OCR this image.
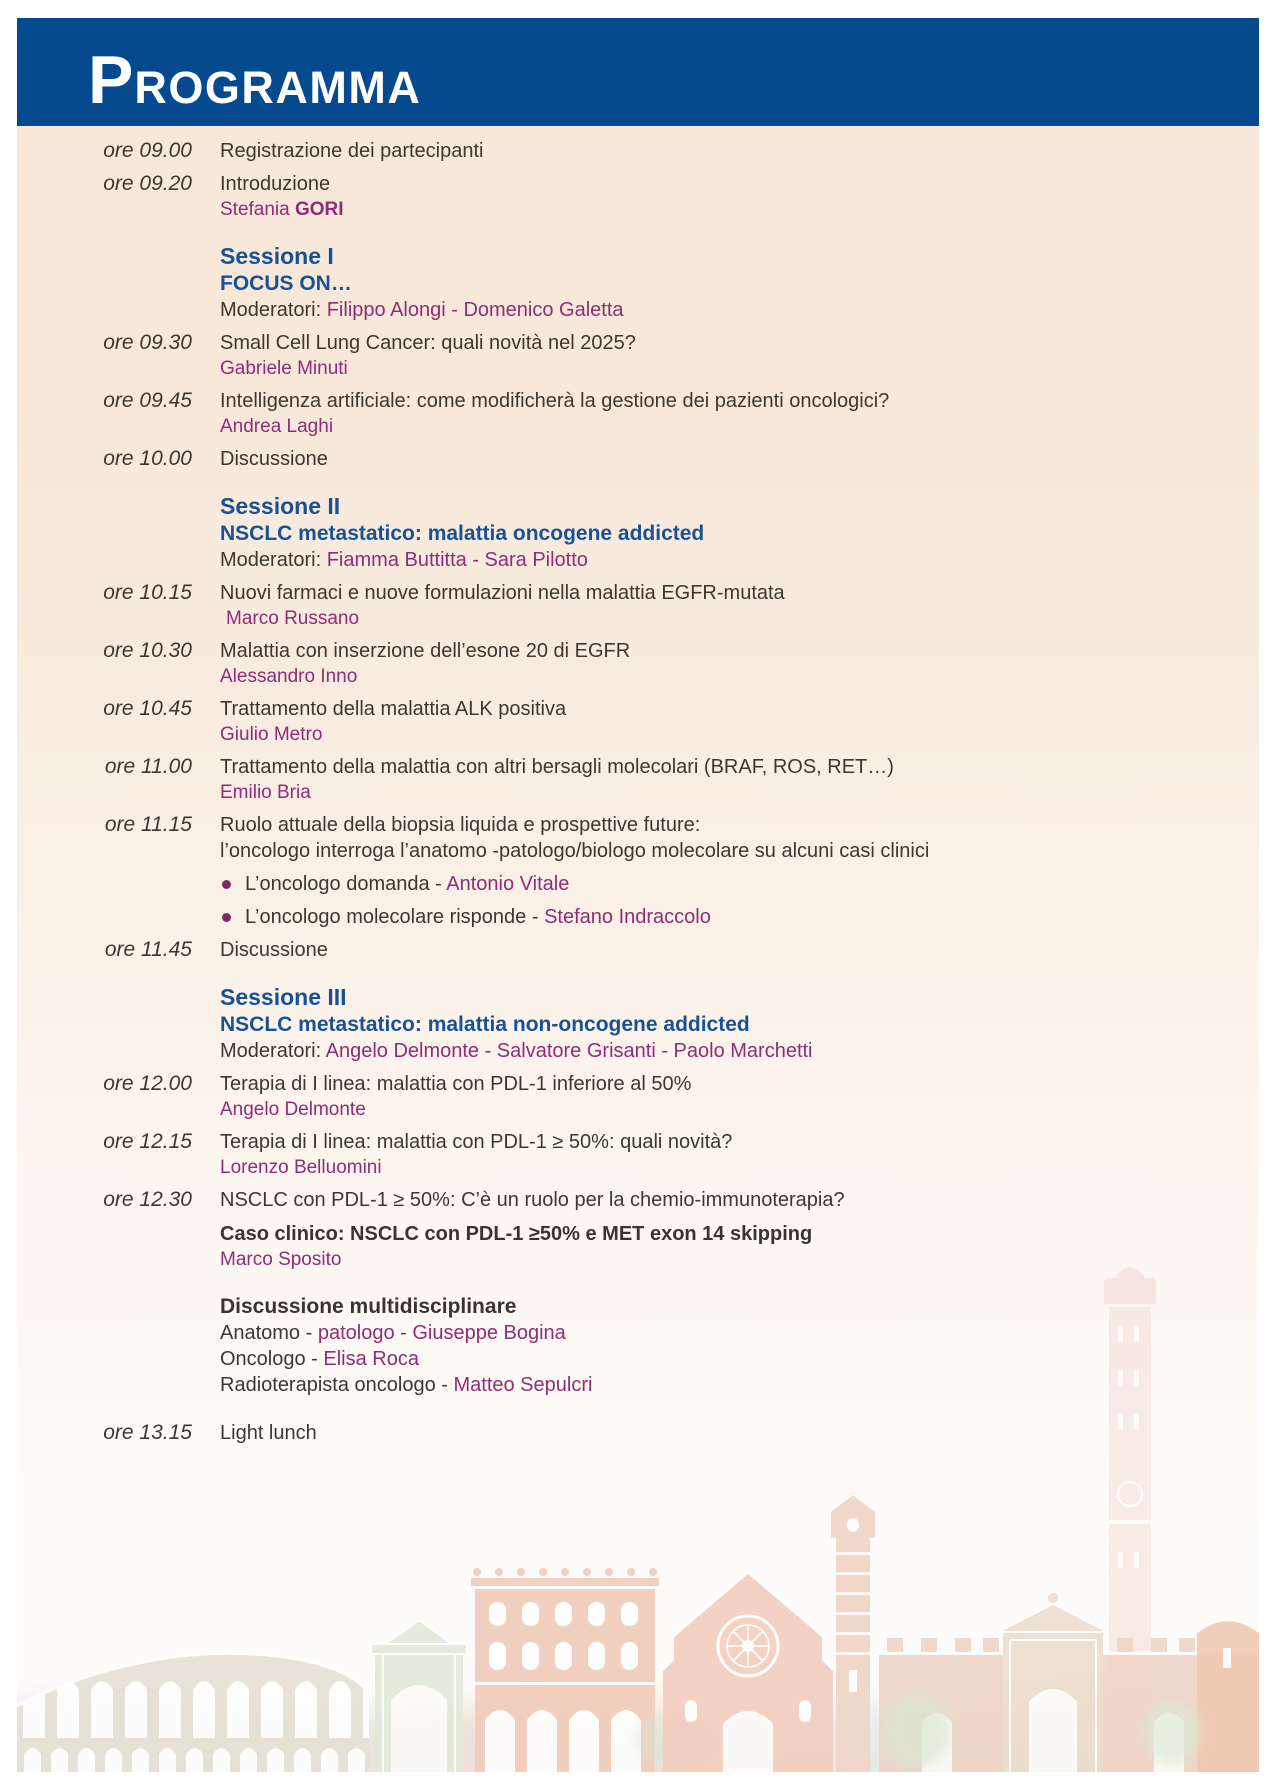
PROGRAMMA
ore 09.00 Registrazione dei partecipanti
ore 09.20 Introduzione
Stefania GORI
Sessione I
FOCUS ON…
Moderatori: Filippo Alongi - Domenico Galetta
ore 09.30 Small Cell Lung Cancer: quali novità nel 2025?
Gabriele Minuti
ore 09.45 Intelligenza artificiale: come modificherà la gestione dei pazienti oncologici?
Andrea Laghi
ore 10.00 Discussione
Sessione II
NSCLC metastatico: malattia oncogene addicted
Moderatori: Fiamma Buttitta - Sara Pilotto
ore 10.15 Nuovi farmaci e nuove formulazioni nella malattia EGFR-mutata
Marco Russano
ore 10.30 Malattia con inserzione dell’esone 20 di EGFR
Alessandro Inno
ore 10.45 Trattamento della malattia ALK positiva
Giulio Metro
ore 11.00 Trattamento della malattia con altri bersagli molecolari (BRAF, ROS, RET…)
Emilio Bria
ore 11.15 Ruolo attuale della biopsia liquida e prospettive future:
l’oncologo interroga l’anatomo -patologo/biologo molecolare su alcuni casi clinici
L’oncologo domanda - Antonio Vitale
L’oncologo molecolare risponde - Stefano Indraccolo
ore 11.45 Discussione
Sessione III
NSCLC metastatico: malattia non-oncogene addicted
Moderatori: Angelo Delmonte - Salvatore Grisanti - Paolo Marchetti
ore 12.00 Terapia di I linea: malattia con PDL-1 inferiore al 50%
Angelo Delmonte
ore 12.15 Terapia di I linea: malattia con PDL-1 ≥ 50%: quali novità?
Lorenzo Belluomini
ore 12.30 NSCLC con PDL-1 ≥ 50%: C’è un ruolo per la chemio-immunoterapia?
Caso clinico: NSCLC con PDL-1 ≥50% e MET exon 14 skipping
Marco Sposito
Discussione multidisciplinare
Anatomo - patologo - Giuseppe Bogina
Oncologo - Elisa Roca
Radioterapista oncologo - Matteo Sepulcri
ore 13.15 Light lunch
